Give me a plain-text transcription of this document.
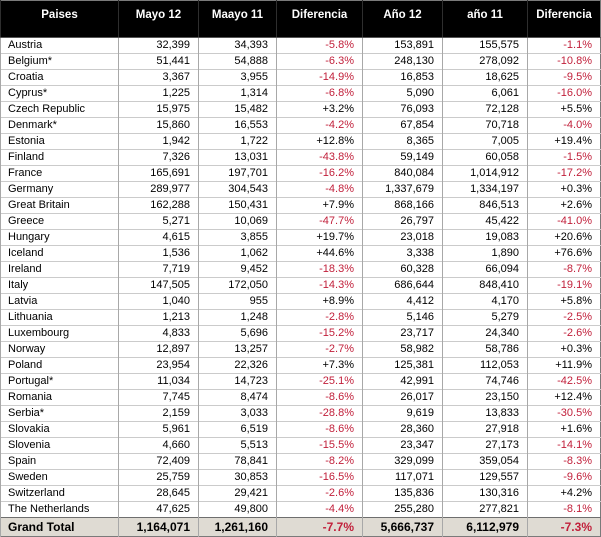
Paises	Mayo 12	Maayo 11	Diferencia	Año 12	año 11	Diferencia
Austria	32,399	34,393	-5.8%	153,891	155,575	-1.1%
Belgium*	51,441	54,888	-6.3%	248,130	278,092	-10.8%
Croatia	3,367	3,955	-14.9%	16,853	18,625	-9.5%
Cyprus*	1,225	1,314	-6.8%	5,090	6,061	-16.0%
Czech Republic	15,975	15,482	+3.2%	76,093	72,128	+5.5%
Denmark*	15,860	16,553	-4.2%	67,854	70,718	-4.0%
Estonia	1,942	1,722	+12.8%	8,365	7,005	+19.4%
Finland	7,326	13,031	-43.8%	59,149	60,058	-1.5%
France	165,691	197,701	-16.2%	840,084	1,014,912	-17.2%
Germany	289,977	304,543	-4.8%	1,337,679	1,334,197	+0.3%
Great Britain	162,288	150,431	+7.9%	868,166	846,513	+2.6%
Greece	5,271	10,069	-47.7%	26,797	45,422	-41.0%
Hungary	4,615	3,855	+19.7%	23,018	19,083	+20.6%
Iceland	1,536	1,062	+44.6%	3,338	1,890	+76.6%
Ireland	7,719	9,452	-18.3%	60,328	66,094	-8.7%
Italy	147,505	172,050	-14.3%	686,644	848,410	-19.1%
Latvia	1,040	955	+8.9%	4,412	4,170	+5.8%
Lithuania	1,213	1,248	-2.8%	5,146	5,279	-2.5%
Luxembourg	4,833	5,696	-15.2%	23,717	24,340	-2.6%
Norway	12,897	13,257	-2.7%	58,982	58,786	+0.3%
Poland	23,954	22,326	+7.3%	125,381	112,053	+11.9%
Portugal*	11,034	14,723	-25.1%	42,991	74,746	-42.5%
Romania	7,745	8,474	-8.6%	26,017	23,150	+12.4%
Serbia*	2,159	3,033	-28.8%	9,619	13,833	-30.5%
Slovakia	5,961	6,519	-8.6%	28,360	27,918	+1.6%
Slovenia	4,660	5,513	-15.5%	23,347	27,173	-14.1%
Spain	72,409	78,841	-8.2%	329,099	359,054	-8.3%
Sweden	25,759	30,853	-16.5%	117,071	129,557	-9.6%
Switzerland	28,645	29,421	-2.6%	135,836	130,316	+4.2%
The Netherlands	47,625	49,800	-4.4%	255,280	277,821	-8.1%
Grand Total	1,164,071	1,261,160	-7.7%	5,666,737	6,112,979	-7.3%
